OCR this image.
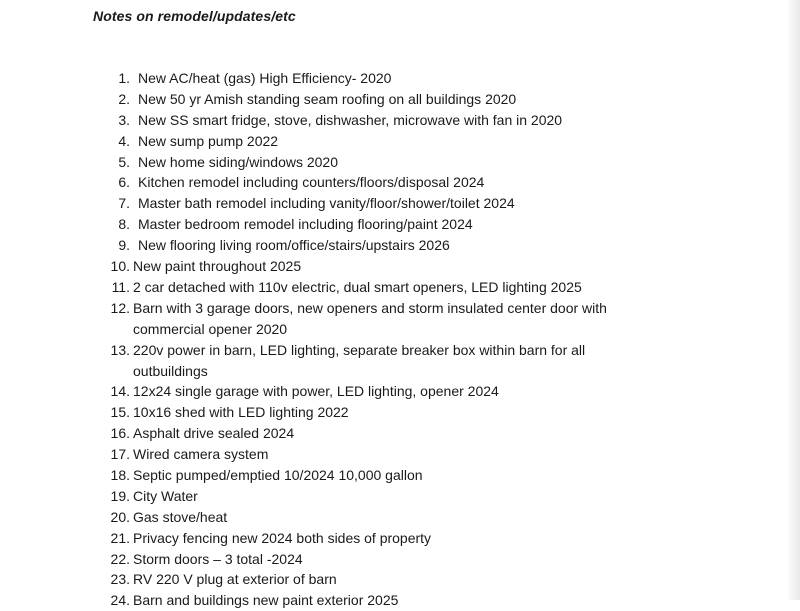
Notes on remodel/updates/etc
1. New AC/heat (gas) High Efficiency- 2020
2. New 50 yr Amish standing seam roofing on all buildings 2020
3. New SS smart fridge, stove, dishwasher, microwave with fan in 2020
4. New sump pump 2022
5. New home siding/windows 2020
6. Kitchen remodel including counters/floors/disposal 2024
7. Master bath remodel including vanity/floor/shower/toilet 2024
8. Master bedroom remodel including flooring/paint 2024
9. New flooring living room/office/stairs/upstairs 2026
10. New paint throughout 2025
11. 2 car detached with 110v electric, dual smart openers, LED lighting 2025
12. Barn with 3 garage doors, new openers and storm insulated center door with
commercial opener 2020
13. 220v power in barn, LED lighting, separate breaker box within barn for all
outbuildings
14. 12x24 single garage with power, LED lighting, opener 2024
15. 10x16 shed with LED lighting 2022
16. Asphalt drive sealed 2024
17. Wired camera system
18. Septic pumped/emptied 10/2024 10,000 gallon
19. City Water
20. Gas stove/heat
21. Privacy fencing new 2024 both sides of property
22. Storm doors – 3 total -2024
23. RV 220 V plug at exterior of barn
24. Barn and buildings new paint exterior 2025
